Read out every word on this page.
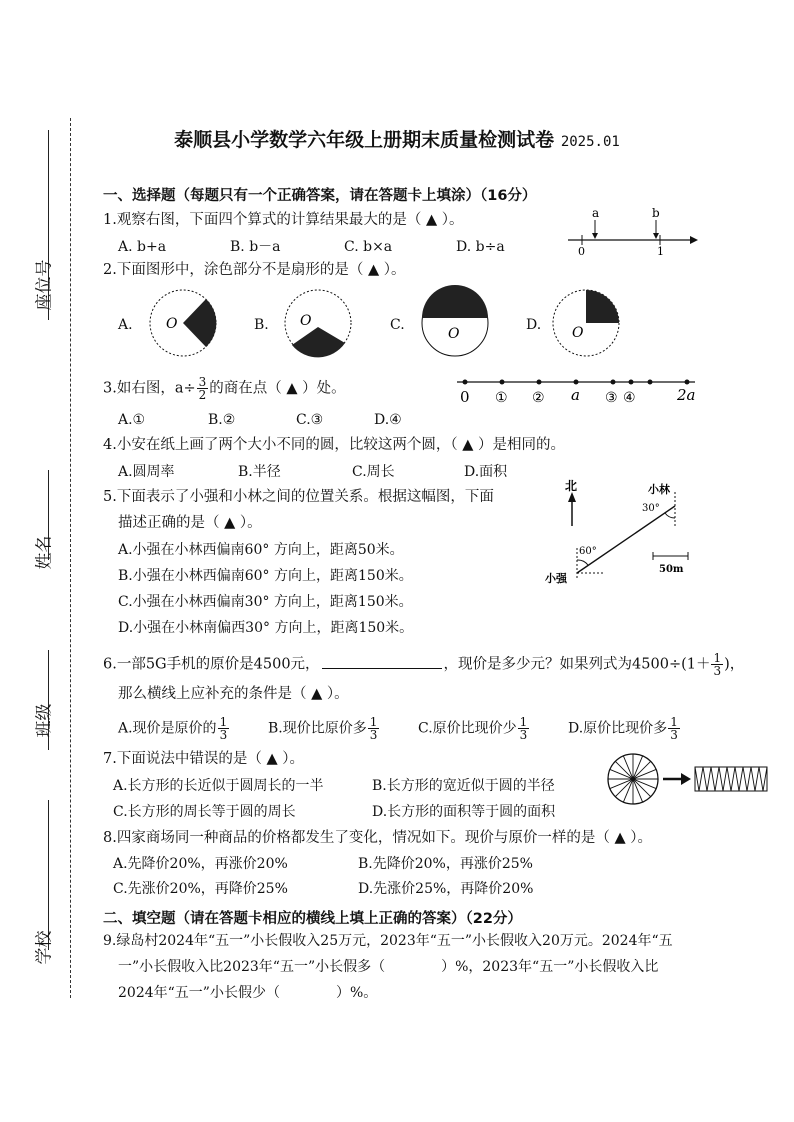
座位号
姓名
班级
学校
泰顺县小学数学六年级上册期末质量检测试卷 2025.01
一、选择题（每题只有一个正确答案，请在答题卡上填涂）（16分）
1.观察右图，下面四个算式的计算结果最大的是（ ▲ ）。
A. b+a	B. b－a	C. b×a	D. b÷a
a	b
0	1
2.下面图形中，涂色部分不是扇形的是（ ▲ ）。
A.	B.	C.	D.
O	O
O	O
3.如右图，$a\div \frac{3}{2}$ 的商在点（ ▲ ）处。
A.①	B.②	C.③	D.④
0 ① ② a ③ ④	2a
4.小安在纸上画了两个大小不同的圆，比较这两个圆，（ ▲ ）是相同的。
A.圆周率	B.半径	C.周长	D.面积
5.下面表示了小强和小林之间的位置关系。根据这幅图，下面
描述正确的是（ ▲ ）。
A.小强在小林西偏南60° 方向上，距离50米。
B.小强在小林西偏南60° 方向上，距离150米。
C.小强在小林西偏南30° 方向上，距离150米。
D.小强在小林南偏西30° 方向上，距离150米。
北
60°
30°
小林
小强
50m
6.一部5G手机的原价是4500元，	，现价是多少元？如果列式为$4500\div(1+ \frac{1}{3}$ )，
那么横线上应补充的条件是（ ▲ ）。
A.现价是原价的 $\frac{1}{3}$	B.现价比原价多 $\frac{1}{3}$	C.原价比现价少 $\frac{1}{3}$	D.原价比现价多 $\frac{1}{3}$
7.下面说法中错误的是（ ▲ ）。
A.长方形的长近似于圆周长的一半	B.长方形的宽近似于圆的半径
C.长方形的周长等于圆的周长	D.长方形的面积等于圆的面积
8.四家商场同一种商品的价格都发生了变化，情况如下。现价与原价一样的是（ ▲ ）。
A.先降价20%，再涨价20%	B.先降价20%，再涨价25%
C.先涨价20%，再降价25%	D.先涨价25%，再降价20%
二、填空题（请在答题卡相应的横线上填上正确的答案）（22分）
9.绿岛村2024年“五一”小长假收入25万元，2023年“五一”小长假收入20万元。2024年“五
一”小长假收入比2023年“五一”小长假多（　　　　）%，2023年“五一”小长假收入比
2024年“五一”小长假少（　　　　）%。
